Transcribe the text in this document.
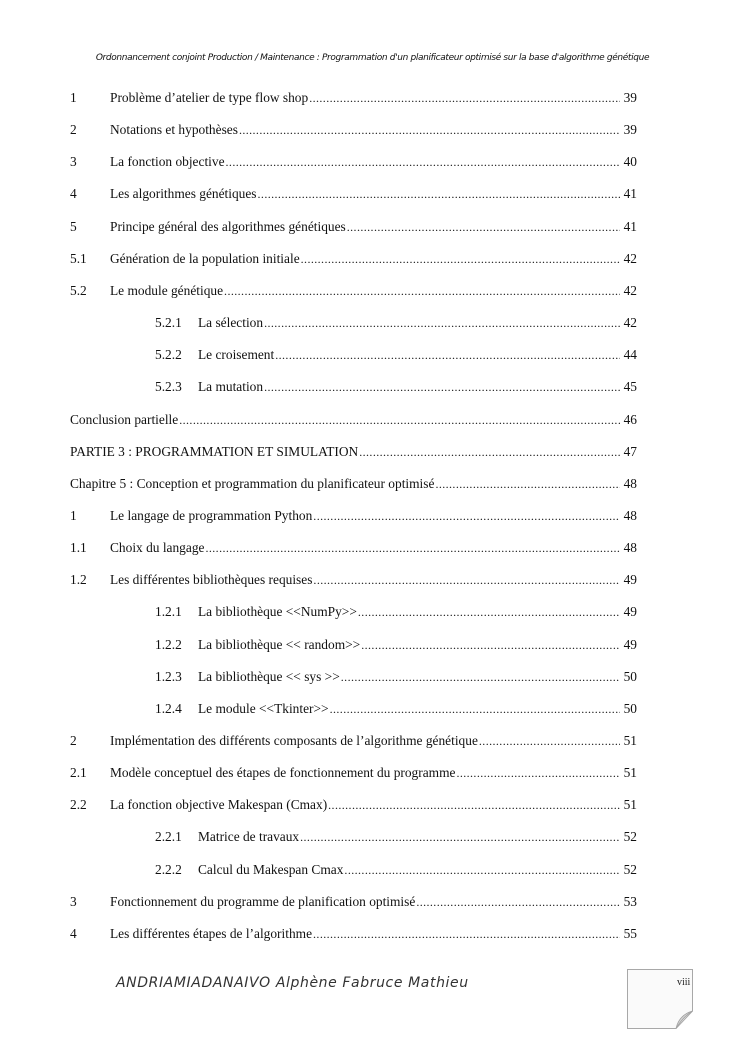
Ordonnancement conjoint Production / Maintenance : Programmation d'un planificateur optimisé sur la base d'algorithme génétique
1	Problème d’atelier de type flow shop .....	39
2	Notations et hypothèses .....	39
3	La fonction objective .....	40
4	Les algorithmes génétiques .....	41
5	Principe général des algorithmes génétiques .....	41
5.1	Génération de la population initiale .....	42
5.2	Le module génétique .....	42
5.2.1	La sélection .....	42
5.2.2	Le croisement .....	44
5.2.3	La mutation .....	45
Conclusion partielle .....	46
PARTIE 3 : PROGRAMMATION ET SIMULATION .....	47
Chapitre 5 : Conception et programmation du planificateur optimisé .....	48
1	Le langage de programmation Python .....	48
1.1	Choix du langage .....	48
1.2	Les différentes bibliothèques requises .....	49
1.2.1	La bibliothèque <<NumPy>> .....	49
1.2.2	La bibliothèque << random>> .....	49
1.2.3	La bibliothèque << sys >> .....	50
1.2.4	Le module <<Tkinter>> .....	50
2	Implémentation des différents composants de l’algorithme génétique .....	51
2.1	Modèle conceptuel des étapes de fonctionnement du programme .....	51
2.2	La fonction objective Makespan (Cmax) .....	51
2.2.1	Matrice de travaux .....	52
2.2.2	Calcul du Makespan Cmax .....	52
3	Fonctionnement du programme de planification optimisé .....	53
4	Les différentes étapes de l’algorithme .....	55
ANDRIAMIADANAIVO Alphène Fabruce Mathieu	viii
